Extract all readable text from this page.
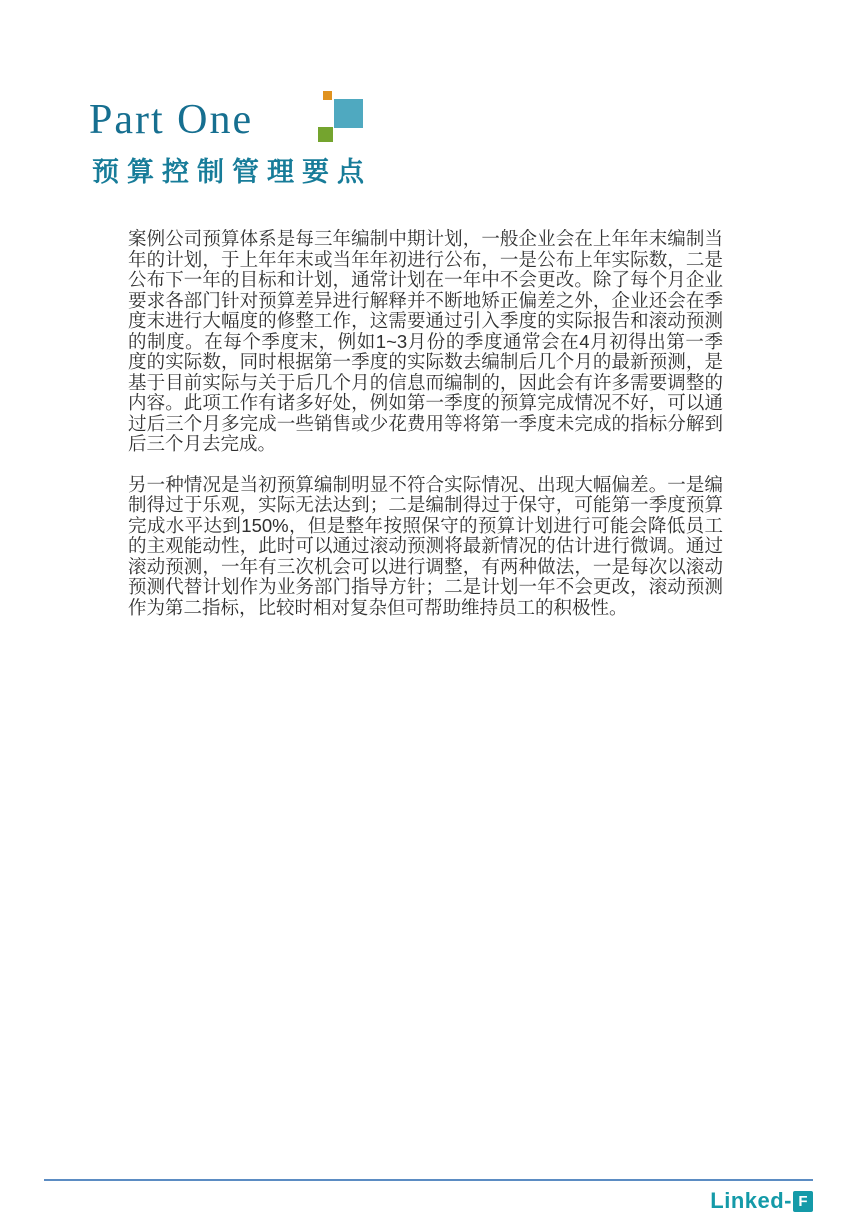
Part One
预算控制管理要点

案例公司预算体系是每三年编制中期计划，一般企业会在上年年末编制当年的计划，于上年年末或当年年初进行公布，一是公布上年实际数，二是公布下一年的目标和计划，通常计划在一年中不会更改。除了每个月企业要求各部门针对预算差异进行解释并不断地矫正偏差之外，企业还会在季度末进行大幅度的修整工作，这需要通过引入季度的实际报告和滚动预测的制度。在每个季度末，例如1~3月份的季度通常会在4月初得出第一季度的实际数，同时根据第一季度的实际数去编制后几个月的最新预测，是基于目前实际与关于后几个月的信息而编制的，因此会有许多需要调整的内容。此项工作有诸多好处，例如第一季度的预算完成情况不好，可以通过后三个月多完成一些销售或少花费用等将第一季度未完成的指标分解到后三个月去完成。

另一种情况是当初预算编制明显不符合实际情况、出现大幅偏差。一是编制得过于乐观，实际无法达到；二是编制得过于保守，可能第一季度预算完成水平达到150%，但是整年按照保守的预算计划进行可能会降低员工的主观能动性，此时可以通过滚动预测将最新情况的估计进行微调。通过滚动预测，一年有三次机会可以进行调整，有两种做法，一是每次以滚动预测代替计划作为业务部门指导方针；二是计划一年不会更改，滚动预测作为第二指标，比较时相对复杂但可帮助维持员工的积极性。

Linked- F
